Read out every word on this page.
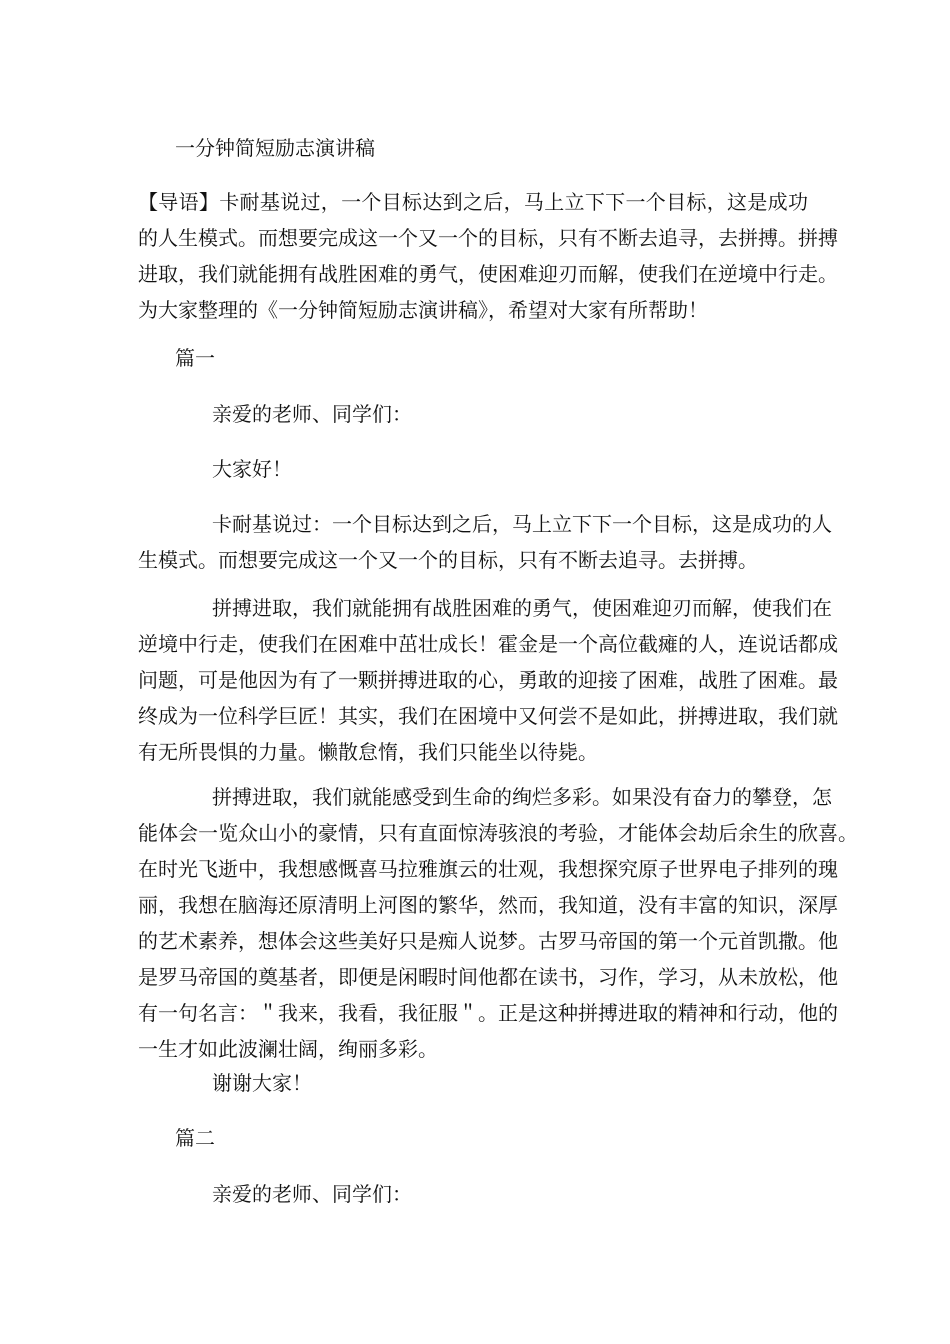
一分钟简短励志演讲稿
【导语】卡耐基说过，一个目标达到之后，马上立下下一个目标，这是成功
的人生模式。而想要完成这一个又一个的目标，只有不断去追寻，去拼搏。拼搏
进取，我们就能拥有战胜困难的勇气，使困难迎刃而解，使我们在逆境中行走。
为大家整理的《一分钟简短励志演讲稿》，希望对大家有所帮助！
篇一
亲爱的老师、同学们：
大家好！
卡耐基说过：一个目标达到之后，马上立下下一个目标，这是成功的人
生模式。而想要完成这一个又一个的目标，只有不断去追寻。去拼搏。
拼搏进取，我们就能拥有战胜困难的勇气，使困难迎刃而解，使我们在
逆境中行走，使我们在困难中茁壮成长！霍金是一个高位截瘫的人，连说话都成
问题，可是他因为有了一颗拼搏进取的心，勇敢的迎接了困难，战胜了困难。最
终成为一位科学巨匠！其实，我们在困境中又何尝不是如此，拼搏进取，我们就
有无所畏惧的力量。懒散怠惰，我们只能坐以待毙。
拼搏进取，我们就能感受到生命的绚烂多彩。如果没有奋力的攀登，怎
能体会一览众山小的豪情，只有直面惊涛骇浪的考验，才能体会劫后余生的欣喜。
在时光飞逝中，我想感慨喜马拉雅旗云的壮观，我想探究原子世界电子排列的瑰
丽，我想在脑海还原清明上河图的繁华，然而，我知道，没有丰富的知识，深厚
的艺术素养，想体会这些美好只是痴人说梦。古罗马帝国的第一个元首凯撒。他
是罗马帝国的奠基者，即便是闲暇时间他都在读书，习作，学习，从未放松，他
有一句名言：＂我来，我看，我征服＂。正是这种拼搏进取的精神和行动，他的
一生才如此波澜壮阔，绚丽多彩。
谢谢大家！
篇二
亲爱的老师、同学们：
